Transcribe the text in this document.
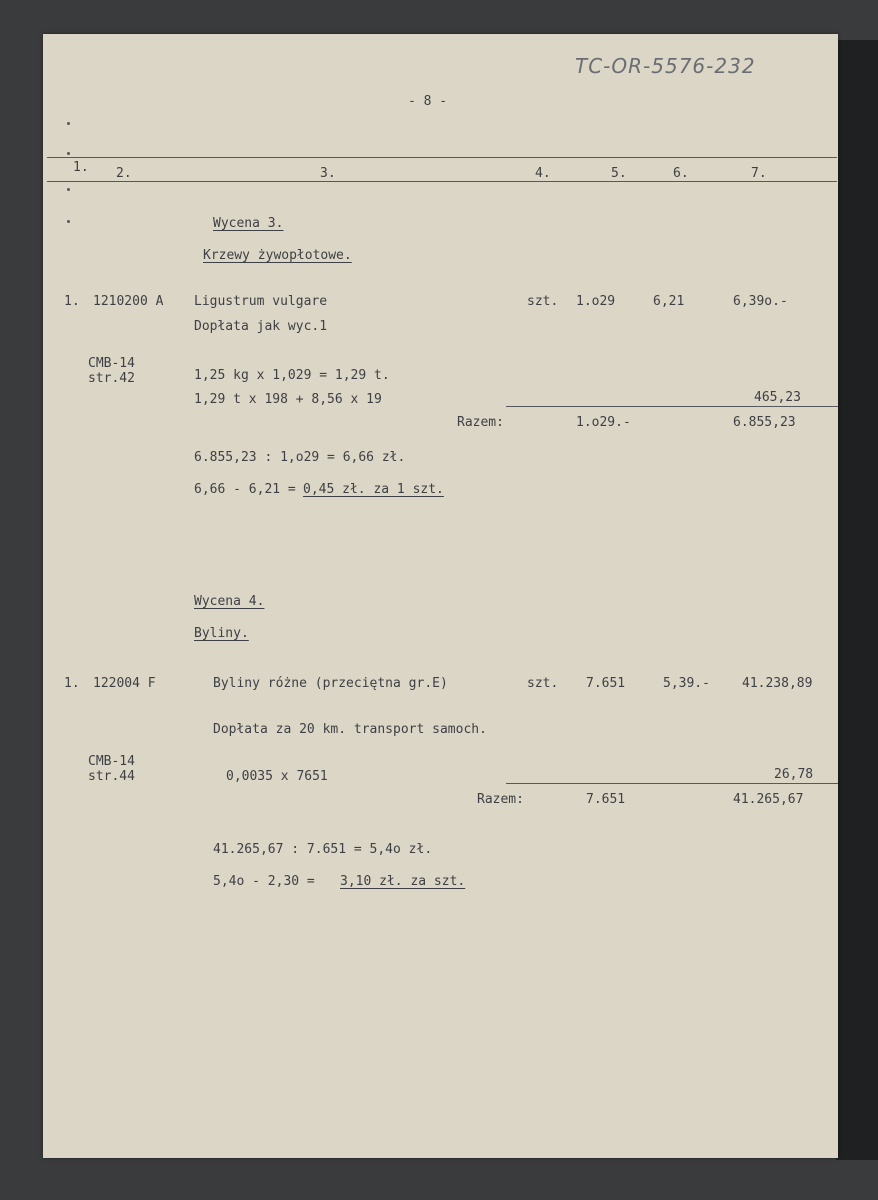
TC-OR-5576-232
- 8 -
1. 2.	3.	4.	5.	6.	7.
Wycena 3.
Krzewy żywopłotowe.
1. 1210200 A Ligustrum vulgare	szt. 1.o29	6,21	6,39o.-
Dopłata jak wyc.1
CMB-14
str.42	1,25 kg x 1,029 = 1,29 t.
1,29 t x 198 + 8,56 x 19	465,23
Razem:	1.o29.-	6.855,23
6.855,23 : 1,o29 = 6,66 zł.
6,66 - 6,21 = 0,45 zł. za 1 szt.
Wycena 4.
Byliny.
1. 122004 F	Byliny różne (przeciętna gr.E)	szt. 7.651	5,39.- 41.238,89
Dopłata za 20 km. transport samoch.
CMB-14
str.44	0,0035 x 7651	26,78
Razem:	7.651	41.265,67
41.265,67 : 7.651 = 5,4o zł.
5,4o - 2,30 = 3,10 zł. za szt.
